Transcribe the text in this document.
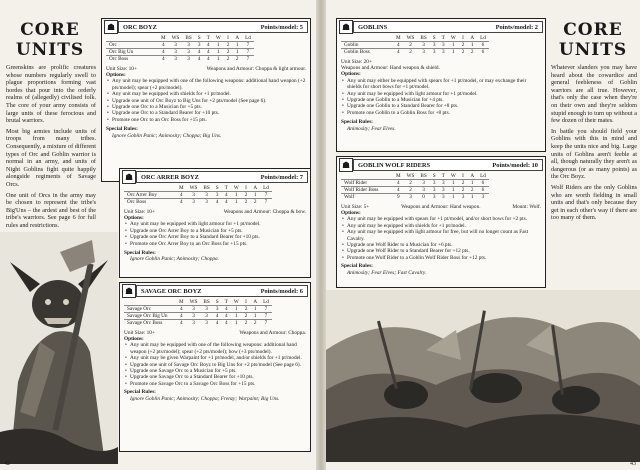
CORE
UNITS

Greenskins are prolific creatures whose numbers regularly swell to plague proportions forming vast hordes that pour into the orderly realms of (allegedly) civilised folk. The core of your army consists of large units of these ferocious and brutal warriors.

Most big armies include units of troops from many tribes. Consequently, a mixture of different types of Orc and Goblin warrior is normal in an army, and units of Night Goblins fight quite happily alongside regiments of Savage Orcs.

One unit of Orcs in the army may be chosen to represent the tribe's Big'Uns – the ardest and best of the tribe's warriors. See page 6 for full rules and restrictions.

☗	ORC BOYZ	Points/model: 5
	M	WS	BS	S	T	W	I	A	Ld
Orc	4	3	3	3	4	1	2	1	7
Orc Big Un	4	3	3	4	4	1	2	1	7
Orc Boss	4	3	3	4	4	1	2	2	7
Unit Size: 10+	Weapons and Armour: Choppa & light armour.
Options:
• Any unit may be equipped with one of the following weapons: additional hand weapon (+2 pts/model); spear (+2 pts/model).
• Any unit may be equipped with shields for +1 pt/model.
• Upgrade one unit of Orc Boyz to Big Uns for +2 pts/model (See page 6).
• Upgrade one Orc to a Musician for +5 pts.
• Upgrade one Orc to a Standard Bearer for +10 pts.
• Promote one Orc to an Orc Boss for +15 pts.
Special Rules:
Ignore Goblin Panic; Animosity; Choppa; Big Uns.
☗	ORC ARRER BOYZ	Points/model: 7
	M	WS	BS	S	T	W	I	A	Ld
Orc Arrer Boy	4	3	3	3	4	1	2	1	7
Orc Boss	4	3	3	4	4	1	2	2	7
Unit Size: 10+	Weapons and Armour: Choppa & bow.
Options:
• Any unit may be equipped with light armour for +1 pt/model.
• Upgrade one Orc Arrer Boy to a Musician for +5 pts.
• Upgrade one Orc Arrer Boy to a Standard Bearer for +10 pts.
• Promote one Orc Arrer Boy to an Orc Boss for +15 pts.
Special Rules:
Ignore Goblin Panic; Animosity; Choppa.
☗	SAVAGE ORC BOYZ	Points/model: 6
	M	WS	BS	S	T	W	I	A	Ld
Savage Orc	4	3	3	3	4	1	2	1	7
Savage Orc Big Un	4	3	3	4	4	1	2	1	7
Savage Orc Boss	4	3	3	4	4	1	2	2	7
Unit Size: 10+	Weapons and Armour: Choppa.
Options:
• Any unit may be equipped with one of the following weapons: additional hand weapon (+2 pts/model); spear (+2 pts/model); bow (+3 pts/model).
• Any unit may be given Warpaint for +1 pt/model, and/or shields for +1 pt/model.
• Upgrade one unit of Savage Orc Boyz to Big Uns for +2 pts/model (See page 6).
• Upgrade one Savage Orc to a Musician for +5 pts.
• Upgrade one Savage Orc to a Standard Bearer for +10 pts.
• Promote one Savage Orc to a Savage Orc Boss for +15 pts.
Special Rules:
Ignore Goblin Panic; Animosity; Choppa; Frenzy; Warpaint; Big Uns.
42
☗	GOBLINS	Points/model: 2
	M	WS	BS	S	T	W	I	A	Ld
Goblin	4	2	3	3	3	1	2	1	6
Goblin Boss	4	2	3	3	3	1	2	2	6
Unit Size: 20+
Weapons and Armour: Hand weapon & shield.
Options:
• Any unit may either be equipped with spears for +1 pt/model, or may exchange their shields for short bows for +1 pt/model.
• Any unit may be equipped with light armour for +1 pt/model.
• Upgrade one Goblin to a Musician for +4 pts.
• Upgrade one Goblin to a Standard Bearer for +8 pts.
• Promote one Goblin to a Goblin Boss for +8 pts.
Special Rules:
Animosity; Fear Elves.
☗	GOBLIN WOLF RIDERS	Points/model: 10
	M	WS	BS	S	T	W	I	A	Ld
Wolf Rider	4	2	3	3	3	1	2	1	6
Wolf Rider Boss	4	2	3	3	3	1	2	2	6
Wolf	9	3	0	3	3	1	3	1	3
Unit Size: 5+	Weapons and Armour: Hand weapon.	Mount: Wolf.
Options:
• Any unit may be equipped with spears for +1 pt/model, and/or short bows for +2 pts.
• Any unit may be equipped with shields for +1 pt/model.
• Any unit may be equipped with light armour for free, but will no longer count as Fast Cavalry.
• Upgrade one Wolf Rider to a Musician for +6 pts.
• Upgrade one Wolf Rider to a Standard Bearer for +12 pts.
• Promote one Wolf Rider to a Goblin Wolf Rider Boss for +12 pts.
Special Rules:
Animosity; Fear Elves; Fast Cavalry.
CORE
UNITS

Whatever slanders you may have heard about the cowardice and general feebleness of Goblin warriors are all true. However, that's only the case when they're on their own and they're seldom stupid enough to turn up without a few dozen of their mates.

In battle you should field your Goblins with this in mind and keep the units nice and big. Large units of Goblins aren't feeble at all, though naturally they aren't as dangerous (or as many points) as the Orc Boyz.

Wolf Riders are the only Goblins who are worth fielding in small units and that's only because they get in each other's way if there are too many of them.

43
